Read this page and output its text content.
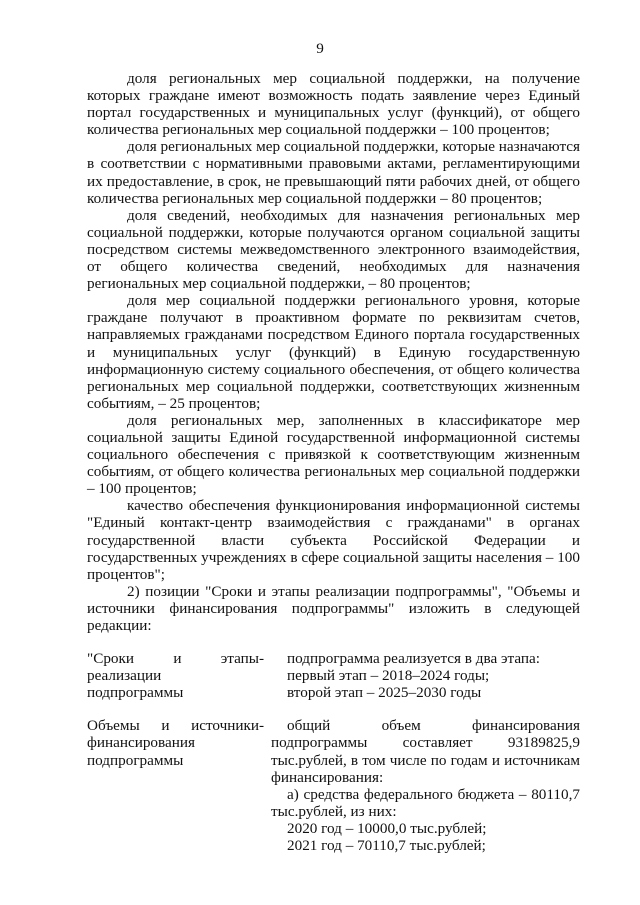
9

доля региональных мер социальной поддержки, на получение которых граждане имеют возможность подать заявление через Единый портал государственных и муниципальных услуг (функций), от общего количества региональных мер социальной поддержки – 100 процентов;

доля региональных мер социальной поддержки, которые назначаются в соответствии с нормативными правовыми актами, регламентирующими их предоставление, в срок, не превышающий пяти рабочих дней, от общего количества региональных мер социальной поддержки – 80 процентов;

доля сведений, необходимых для назначения региональных мер социальной поддержки, которые получаются органом социальной защиты посредством системы межведомственного электронного взаимодействия, от общего количества сведений, необходимых для назначения региональных мер социальной поддержки, – 80 процентов;

доля мер социальной поддержки регионального уровня, которые граждане получают в проактивном формате по реквизитам счетов, направляемых гражданами посредством Единого портала государственных и муниципальных услуг (функций) в Единую государственную информационную систему социального обеспечения, от общего количества региональных мер социальной поддержки, соответствующих жизненным событиям, – 25 процентов;

доля региональных мер, заполненных в классификаторе мер социальной защиты Единой государственной информационной системы социального обеспечения с привязкой к соответствующим жизненным событиям, от общего количества региональных мер социальной поддержки – 100 процентов;

качество обеспечения функционирования информационной системы "Единый контакт-центр взаимодействия с гражданами" в органах государственной власти субъекта Российской Федерации и государственных учреждениях в сфере социальной защиты населения – 100 процентов";

2) позиции "Сроки и этапы реализации подпрограммы", "Объемы и источники финансирования подпрограммы" изложить в следующей редакции:

"Сроки и этапы реализации подпрограммы
-	подпрограмма реализуется в два этапа:
первый этап – 2018–2024 годы;
второй этап – 2025–2030 годы
Объемы и источники финансирования подпрограммы
-	общий объем финансирования подпрограммы составляет 93189825,9 тыс.рублей, в том числе по годам и источникам финансирования:
а) средства федерального бюджета – 80110,7 тыс.рублей, из них:
2020 год – 10000,0 тыс.рублей;
2021 год – 70110,7 тыс.рублей;
